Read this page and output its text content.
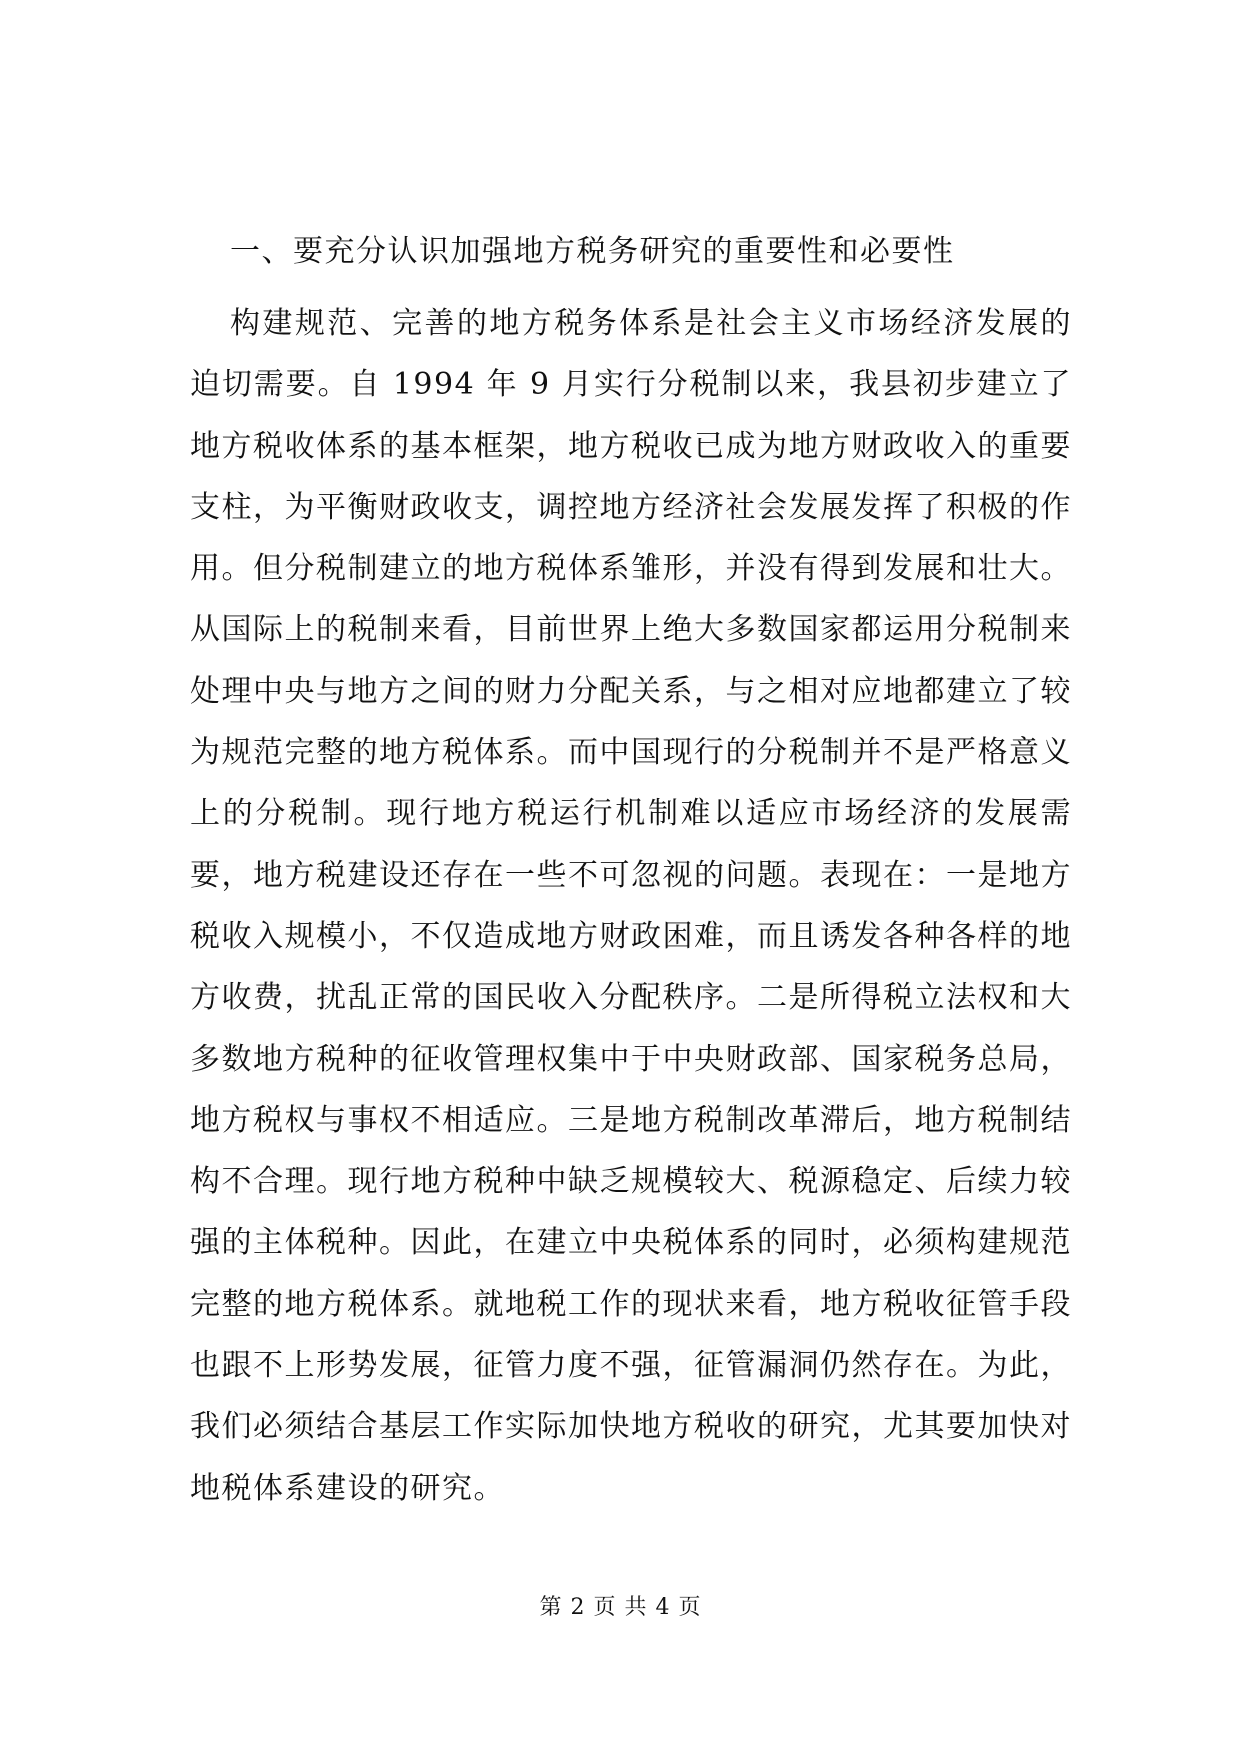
一、要充分认识加强地方税务研究的重要性和必要性

构建规范、完善的地方税务体系是社会主义市场经济发展的迫切需要。自 1994 年 9 月实行分税制以来，我县初步建立了地方税收体系的基本框架，地方税收已成为地方财政收入的重要支柱，为平衡财政收支，调控地方经济社会发展发挥了积极的作用。但分税制建立的地方税体系雏形，并没有得到发展和壮大。从国际上的税制来看，目前世界上绝大多数国家都运用分税制来处理中央与地方之间的财力分配关系，与之相对应地都建立了较为规范完整的地方税体系。而中国现行的分税制并不是严格意义上的分税制。现行地方税运行机制难以适应市场经济的发展需要，地方税建设还存在一些不可忽视的问题。表现在：一是地方税收入规模小，不仅造成地方财政困难，而且诱发各种各样的地方收费，扰乱正常的国民收入分配秩序。二是所得税立法权和大多数地方税种的征收管理权集中于中央财政部、国家税务总局，地方税权与事权不相适应。三是地方税制改革滞后，地方税制结构不合理。现行地方税种中缺乏规模较大、税源稳定、后续力较强的主体税种。因此，在建立中央税体系的同时，必须构建规范完整的地方税体系。就地税工作的现状来看，地方税收征管手段也跟不上形势发展，征管力度不强，征管漏洞仍然存在。为此，我们必须结合基层工作实际加快地方税收的研究，尤其要加快对地税体系建设的研究。

第 2 页 共 4 页
